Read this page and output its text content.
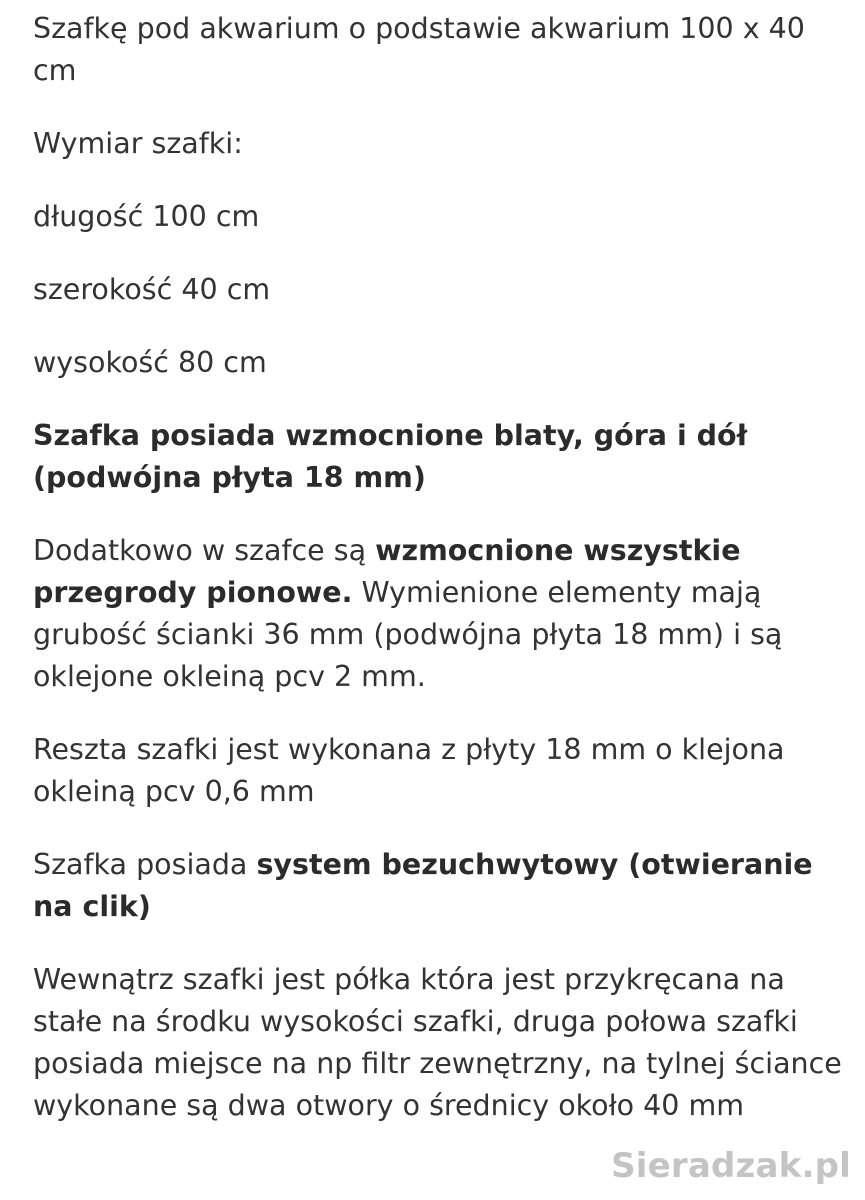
Szafkę pod akwarium o podstawie akwarium 100 x 40 cm

Wymiar szafki:

długość 100 cm

szerokość 40 cm

wysokość 80 cm

Szafka posiada wzmocnione blaty, góra i dół (podwójna płyta 18 mm)

Dodatkowo w szafce są wzmocnione wszystkie przegrody pionowe. Wymienione elementy mają grubość ścianki 36 mm (podwójna płyta 18 mm) i są oklejone okleiną pcv 2 mm.

Reszta szafki jest wykonana z płyty 18 mm o klejona okleiną pcv 0,6 mm

Szafka posiada system bezuchwytowy (otwieranie na clik)

Wewnątrz szafki jest półka która jest przykręcana na stałe na środku wysokości szafki, druga połowa szafki posiada miejsce na np filtr zewnętrzny, na tylnej ściance wykonane są dwa otwory o średnicy około 40 mm

Sieradzak.pl
